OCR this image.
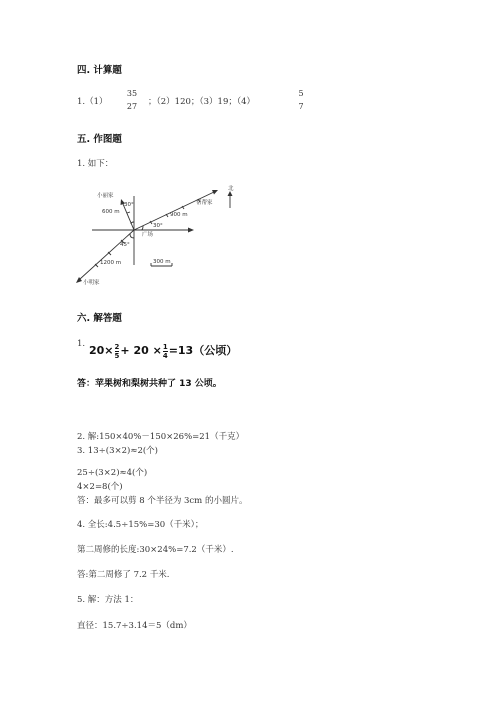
四. 计算题
1.（1）
35
27	；（2）120；（3）19；（4）
5
7
五. 作图题
1. 如下：
小丽家
600 m
30°
广场
45°
900 m
30°
帮帮家
北
1200 m
小明家
300 m
六. 解答题
1. $20\times \frac{2}{5} + 20 \times \frac{1}{4} =13$（公顷）
答：苹果树和梨树共种了 13 公顷。
2. 解:150×40%－150×26%=21（千克）
3. 13÷(3×2)≈2(个)
25÷(3×2)≈4(个)
4×2=8(个)
答：最多可以剪 8 个半径为 3cm 的小圆片。
4. 全长:4.5÷15%=30（千米）；
第二周修的长度:30×24%=7.2（千米）.
答:第二周修了 7.2 千米.
5. 解：方法 1：
直径：15.7÷3.14＝5（dm）
